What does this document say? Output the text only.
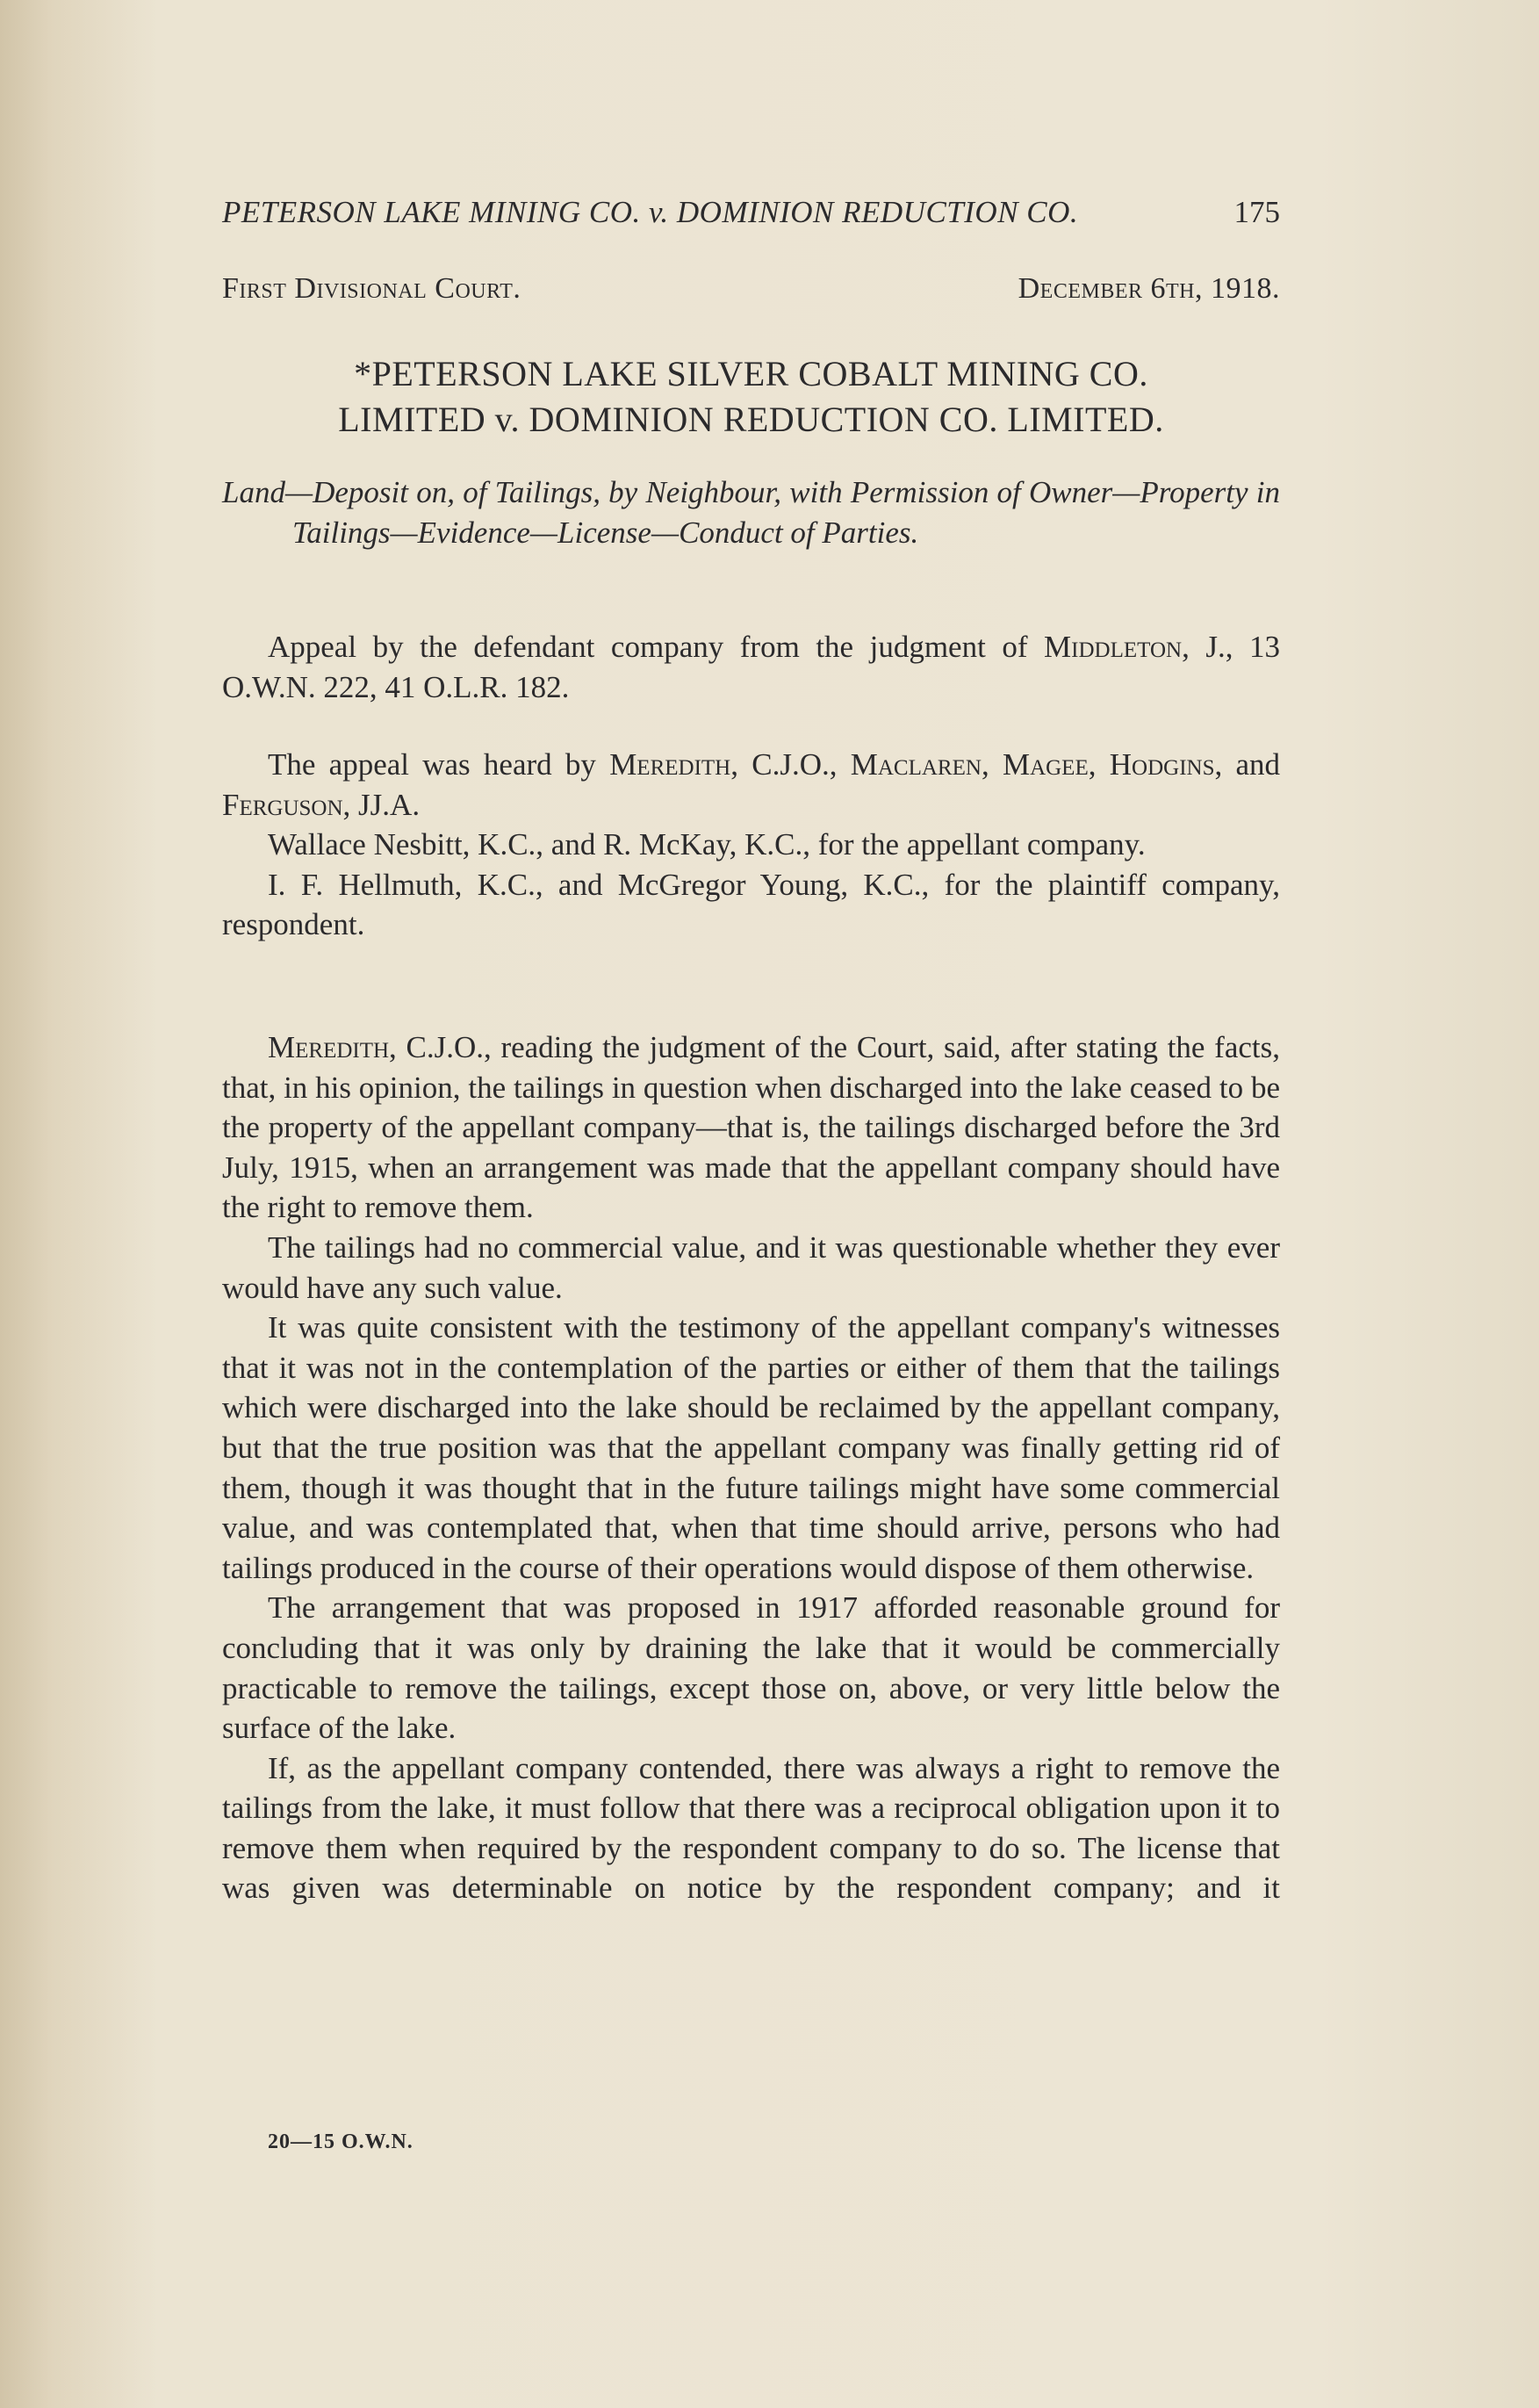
PETERSON LAKE MINING CO. v. DOMINION REDUCTION CO.	175
First Divisional Court.	December 6th, 1918.
*PETERSON LAKE SILVER COBALT MINING CO.
LIMITED v. DOMINION REDUCTION CO. LIMITED.
Land—Deposit on, of Tailings, by Neighbour, with Permission of Owner—Property in Tailings—Evidence—License—Conduct of Parties.

Appeal by the defendant company from the judgment of Middleton, J., 13 O.W.N. 222, 41 O.L.R. 182.

The appeal was heard by Meredith, C.J.O., Maclaren, Magee, Hodgins, and Ferguson, JJ.A.

Wallace Nesbitt, K.C., and R. McKay, K.C., for the appellant company.

I. F. Hellmuth, K.C., and McGregor Young, K.C., for the plaintiff company, respondent.

Meredith, C.J.O., reading the judgment of the Court, said, after stating the facts, that, in his opinion, the tailings in question when discharged into the lake ceased to be the property of the appellant company—that is, the tailings discharged before the 3rd July, 1915, when an arrangement was made that the appellant company should have the right to remove them.

The tailings had no commercial value, and it was questionable whether they ever would have any such value.

It was quite consistent with the testimony of the appellant company's witnesses that it was not in the contemplation of the parties or either of them that the tailings which were discharged into the lake should be reclaimed by the appellant company, but that the true position was that the appellant company was finally getting rid of them, though it was thought that in the future tailings might have some commercial value, and was contemplated that, when that time should arrive, persons who had tailings produced in the course of their operations would dispose of them otherwise.

The arrangement that was proposed in 1917 afforded reasonable ground for concluding that it was only by draining the lake that it would be commercially practicable to remove the tailings, except those on, above, or very little below the surface of the lake.

If, as the appellant company contended, there was always a right to remove the tailings from the lake, it must follow that there was a reciprocal obligation upon it to remove them when required by the respondent company to do so. The license that was given was determinable on notice by the respondent company; and it

20—15 O.W.N.
